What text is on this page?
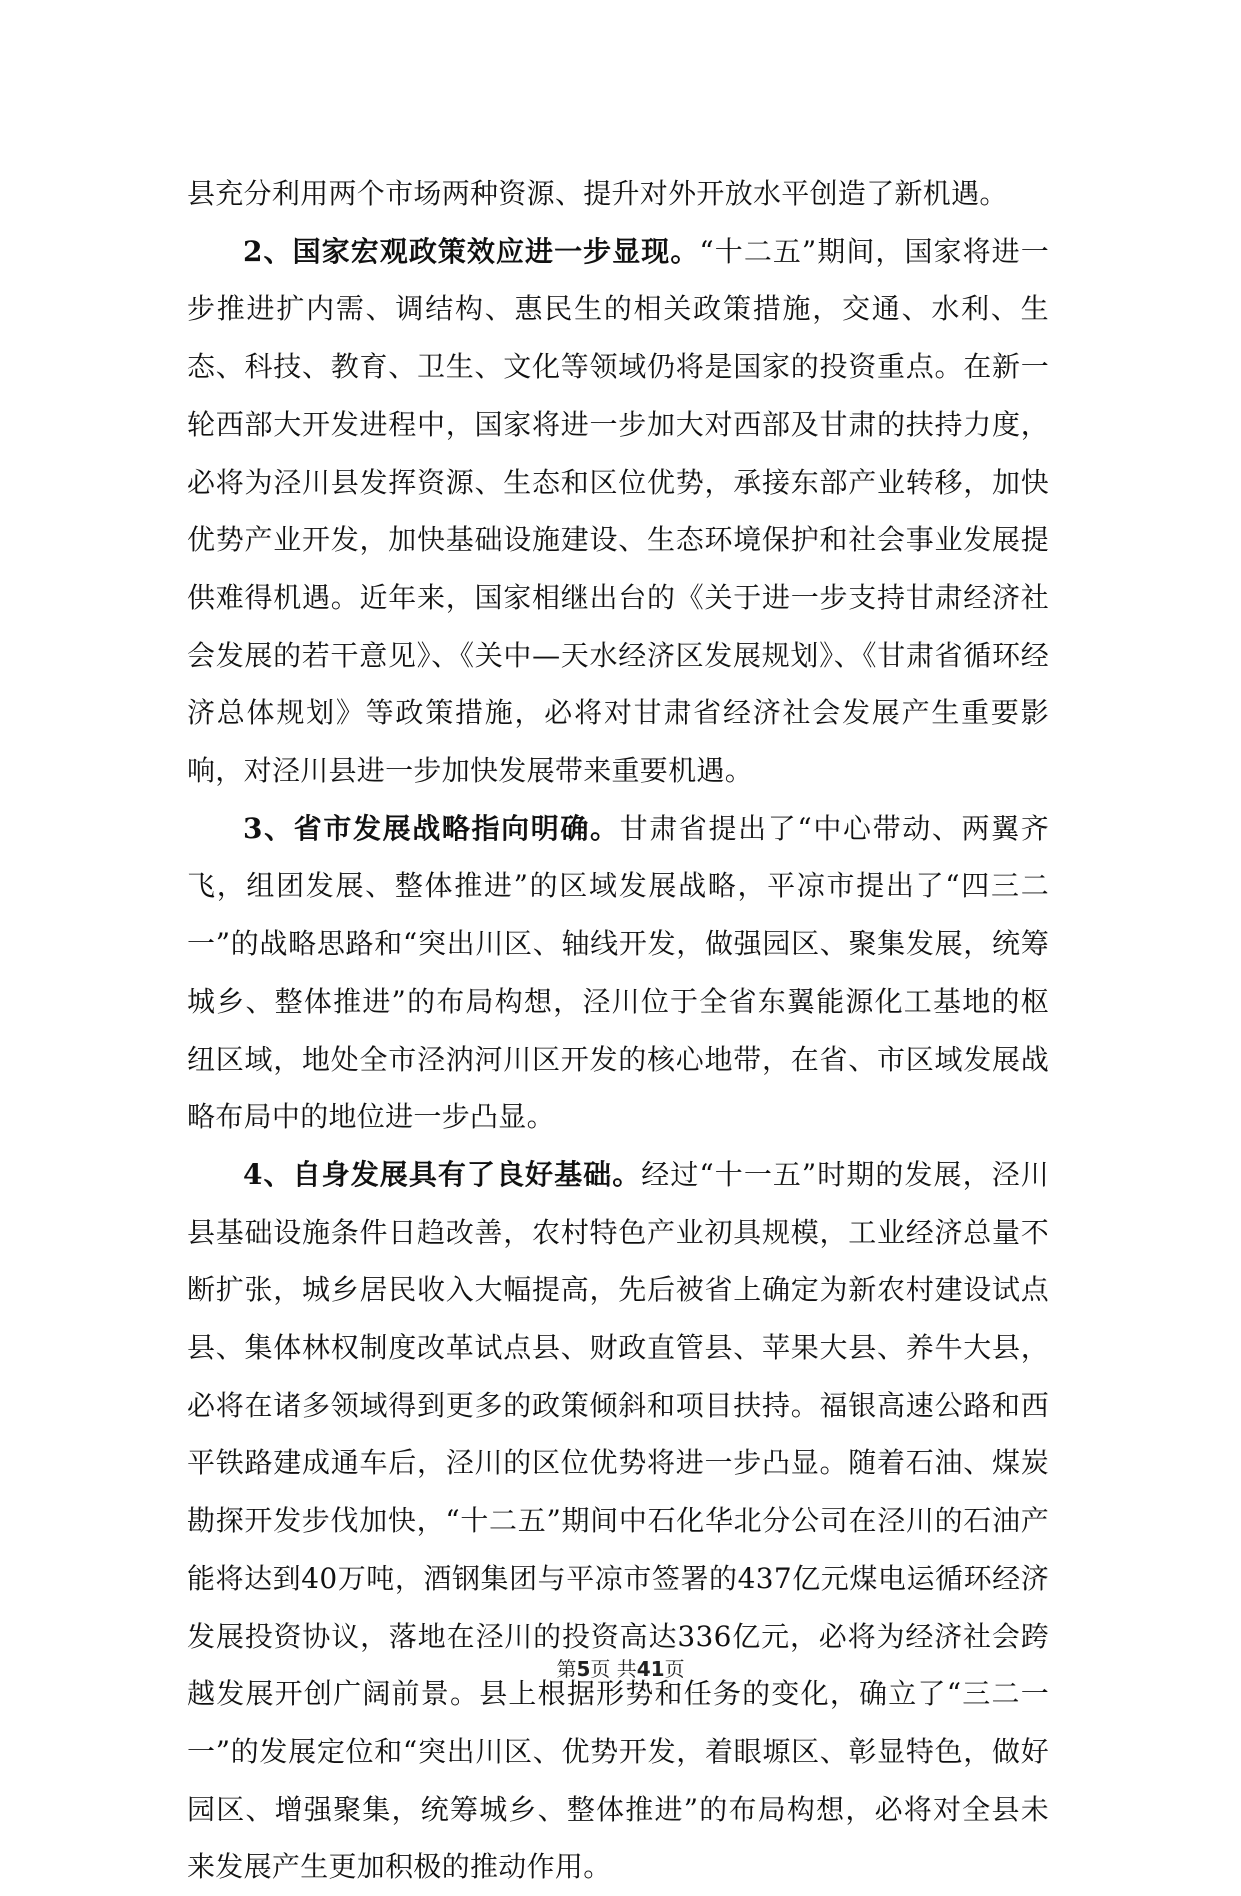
县充分利用两个市场两种资源、提升对外开放水平创造了新机遇。

2、国家宏观政策效应进一步显现。“十二五”期间，国家将进一步推进扩内需、调结构、惠民生的相关政策措施，交通、水利、生态、科技、教育、卫生、文化等领域仍将是国家的投资重点。在新一轮西部大开发进程中，国家将进一步加大对西部及甘肃的扶持力度，必将为泾川县发挥资源、生态和区位优势，承接东部产业转移，加快优势产业开发，加快基础设施建设、生态环境保护和社会事业发展提供难得机遇。近年来，国家相继出台的《关于进一步支持甘肃经济社会发展的若干意见》、《关中—天水经济区发展规划》、《甘肃省循环经济总体规划》等政策措施，必将对甘肃省经济社会发展产生重要影响，对泾川县进一步加快发展带来重要机遇。

3、省市发展战略指向明确。甘肃省提出了“中心带动、两翼齐飞，组团发展、整体推进”的区域发展战略，平凉市提出了“四三二一”的战略思路和“突出川区、轴线开发，做强园区、聚集发展，统筹城乡、整体推进”的布局构想，泾川位于全省东翼能源化工基地的枢纽区域，地处全市泾汭河川区开发的核心地带，在省、市区域发展战略布局中的地位进一步凸显。

4、自身发展具有了良好基础。经过“十一五”时期的发展，泾川县基础设施条件日趋改善，农村特色产业初具规模，工业经济总量不断扩张，城乡居民收入大幅提高，先后被省上确定为新农村建设试点县、集体林权制度改革试点县、财政直管县、苹果大县、养牛大县，必将在诸多领域得到更多的政策倾斜和项目扶持。福银高速公路和西平铁路建成通车后，泾川的区位优势将进一步凸显。随着石油、煤炭勘探开发步伐加快，“十二五”期间中石化华北分公司在泾川的石油产能将达到40万吨，酒钢集团与平凉市签署的437亿元煤电运循环经济发展投资协议，落地在泾川的投资高达336亿元，必将为经济社会跨越发展开创广阔前景。县上根据形势和任务的变化，确立了“三二一一”的发展定位和“突出川区、优势开发，着眼塬区、彰显特色，做好园区、增强聚集，统筹城乡、整体推进”的布局构想，必将对全县未来发展产生更加积极的推动作用。

第5页 共41页
